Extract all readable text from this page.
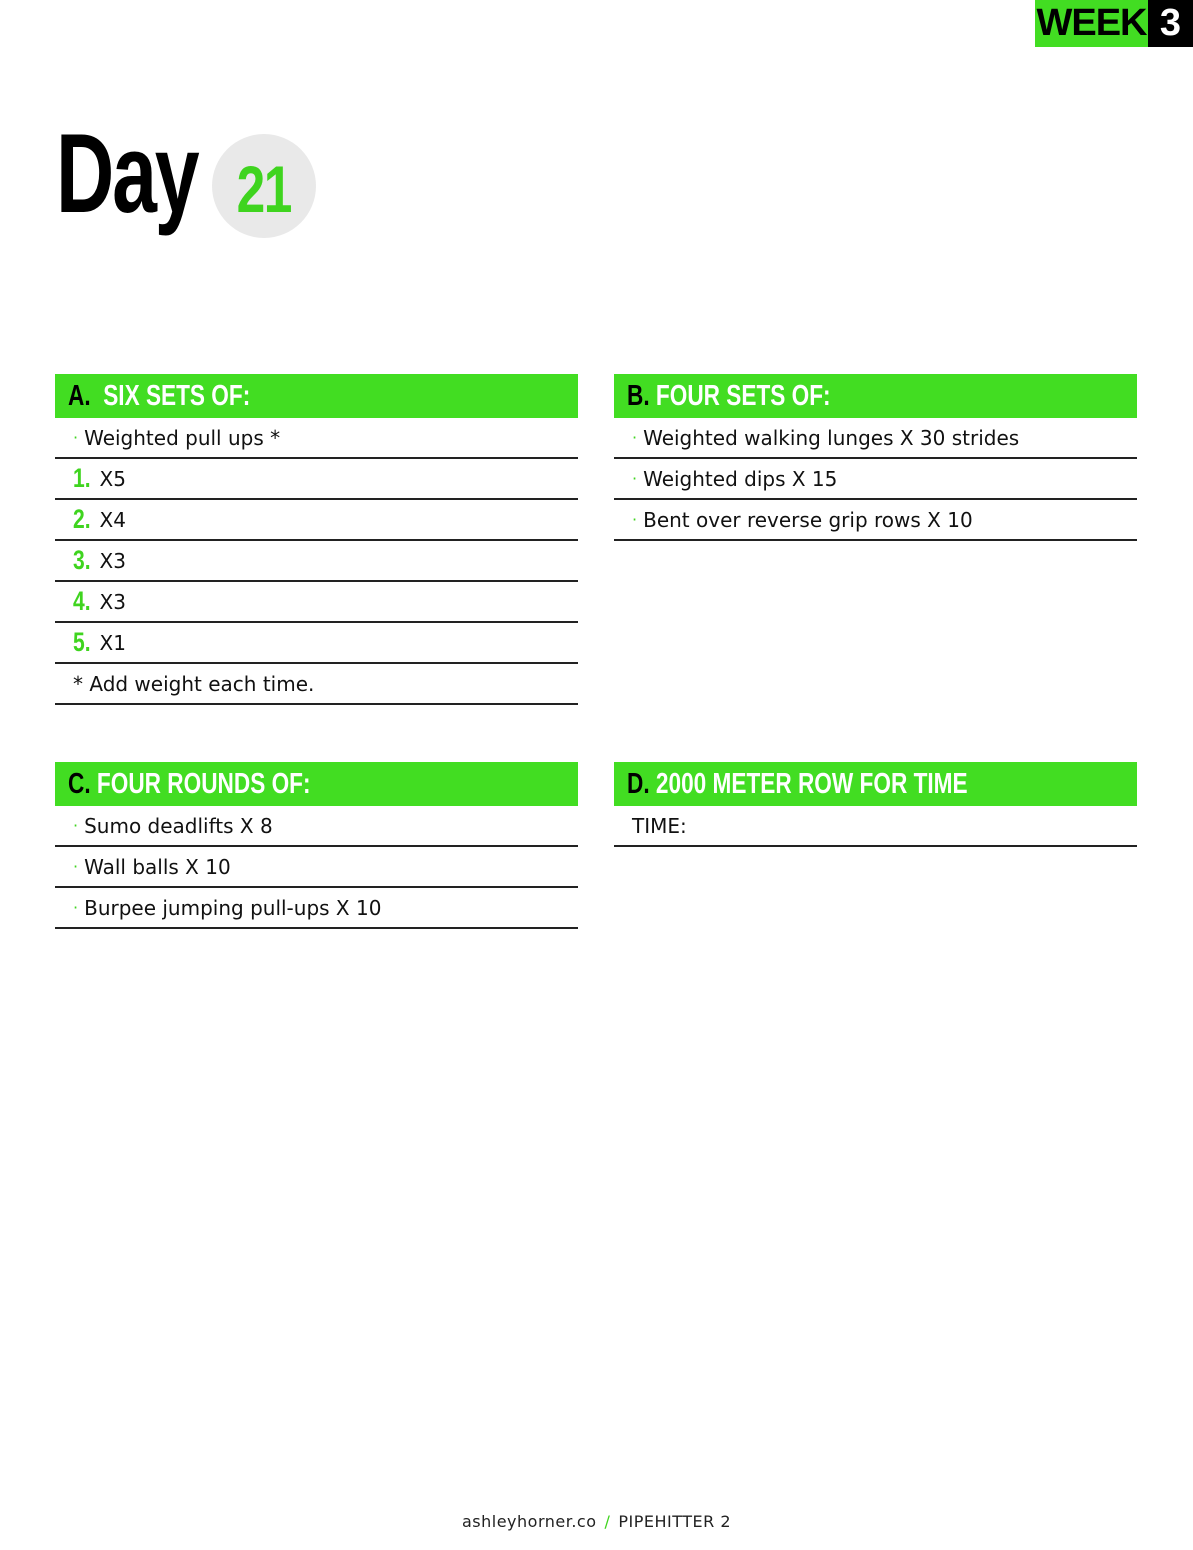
WEEK 3
Day 21
A. SIX SETS OF:
· Weighted pull ups *
1. X5
2. X4
3. X3
4. X3
5. X1
* Add weight each time.
B. FOUR SETS OF:
· Weighted walking lunges X 30 strides
· Weighted dips X 15
· Bent over reverse grip rows X 10
C. FOUR ROUNDS OF:
· Sumo deadlifts X 8
· Wall balls X 10
· Burpee jumping pull-ups X 10
D. 2000 METER ROW FOR TIME
TIME:
ashleyhorner.co / PIPEHITTER 2
